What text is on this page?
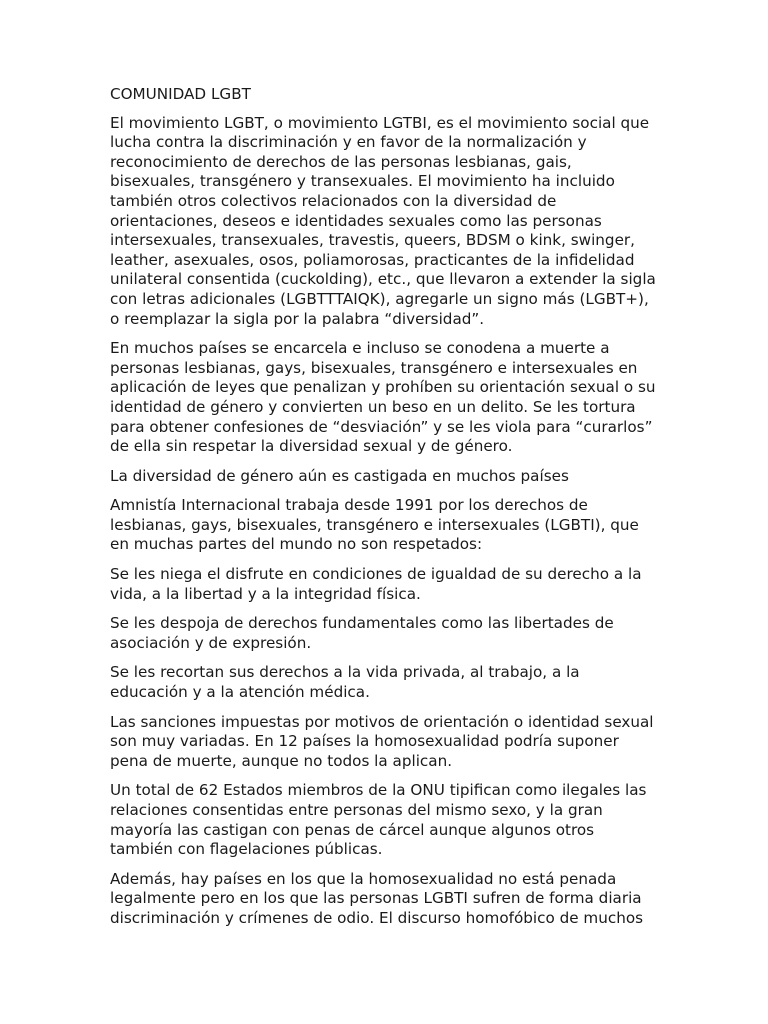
COMUNIDAD LGBT

El movimiento LGBT, o movimiento LGTBI, es el movimiento social que lucha contra la discriminación y en favor de la normalización y reconocimiento de derechos de las personas lesbianas, gais, bisexuales, transgénero y transexuales. El movimiento ha incluido también otros colectivos relacionados con la diversidad de orientaciones, deseos e identidades sexuales como las personas intersexuales, transexuales, travestis, queers, BDSM o kink, swinger, leather, asexuales, osos, poliamorosas, practicantes de la infidelidad unilateral consentida (cuckolding), etc., que llevaron a extender la sigla con letras adicionales (LGBTTTAIQK), agregarle un signo más (LGBT+), o reemplazar la sigla por la palabra “diversidad”.

En muchos países se encarcela e incluso se conodena a muerte a personas lesbianas, gays, bisexuales, transgénero e intersexuales en aplicación de leyes que penalizan y prohíben su orientación sexual o su identidad de género y convierten un beso en un delito. Se les tortura para obtener confesiones de “desviación” y se les viola para “curarlos” de ella sin respetar la diversidad sexual y de género.

La diversidad de género aún es castigada en muchos países

Amnistía Internacional trabaja desde 1991 por los derechos de lesbianas, gays, bisexuales, transgénero e intersexuales (LGBTI), que en muchas partes del mundo no son respetados:

Se les niega el disfrute en condiciones de igualdad de su derecho a la vida, a la libertad y a la integridad física.

Se les despoja de derechos fundamentales como las libertades de asociación y de expresión.

Se les recortan sus derechos a la vida privada, al trabajo, a la educación y a la atención médica.

Las sanciones impuestas por motivos de orientación o identidad sexual son muy variadas. En 12 países la homosexualidad podría suponer pena de muerte, aunque no todos la aplican.

Un total de 62 Estados miembros de la ONU tipifican como ilegales las relaciones consentidas entre personas del mismo sexo, y la gran mayoría las castigan con penas de cárcel aunque algunos otros también con flagelaciones públicas.

Además, hay países en los que la homosexualidad no está penada legalmente pero en los que las personas LGBTI sufren de forma diaria discriminación y crímenes de odio. El discurso homofóbico de muchos
